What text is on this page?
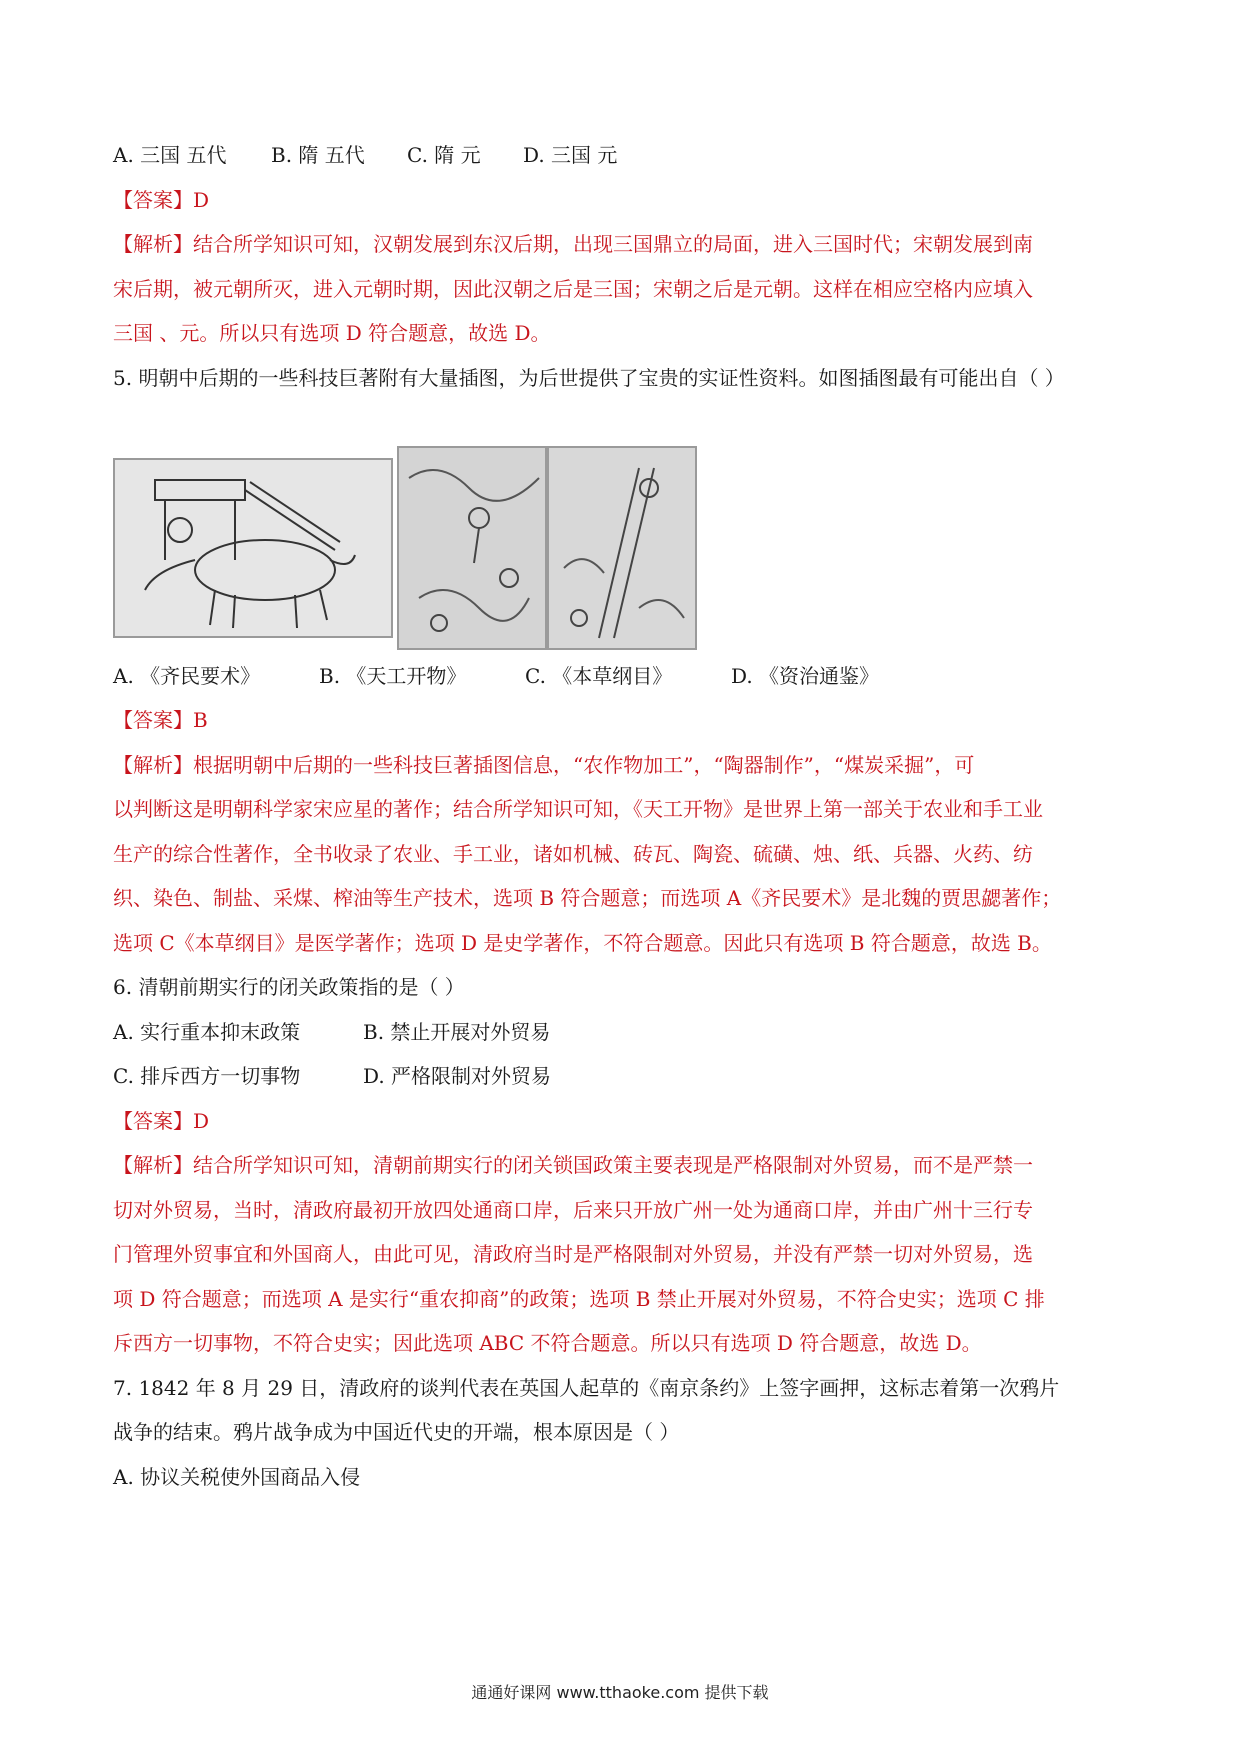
A. 三国 五代 B. 隋 五代 C. 隋 元 D. 三国 元
【答案】D
【解析】结合所学知识可知，汉朝发展到东汉后期，出现三国鼎立的局面，进入三国时代；宋朝发展到南
宋后期，被元朝所灭，进入元朝时期，因此汉朝之后是三国；宋朝之后是元朝。这样在相应空格内应填入
三国 、元。所以只有选项 D 符合题意，故选 D。
5. 明朝中后期的一些科技巨著附有大量插图，为后世提供了宝贵的实证性资料。如图插图最有可能出自（ ）
A. 《齐民要术》	B. 《天工开物》	C. 《本草纲目》	D. 《资治通鉴》
【答案】B
【解析】根据明朝中后期的一些科技巨著插图信息，“农作物加工”，“陶器制作”，“煤炭采掘”，可
以判断这是明朝科学家宋应星的著作；结合所学知识可知，《天工开物》是世界上第一部关于农业和手工业
生产的综合性著作，全书收录了农业、手工业，诸如机械、砖瓦、陶瓷、硫磺、烛、纸、兵器、火药、纺
织、染色、制盐、采煤、榨油等生产技术，选项 B 符合题意；而选项 A《齐民要术》是北魏的贾思勰著作；
选项 C《本草纲目》是医学著作；选项 D 是史学著作，不符合题意。因此只有选项 B 符合题意，故选 B。
6. 清朝前期实行的闭关政策指的是（ ）
A. 实行重本抑末政策	B. 禁止开展对外贸易
C. 排斥西方一切事物	D. 严格限制对外贸易
【答案】D
【解析】结合所学知识可知，清朝前期实行的闭关锁国政策主要表现是严格限制对外贸易，而不是严禁一
切对外贸易，当时，清政府最初开放四处通商口岸，后来只开放广州一处为通商口岸，并由广州十三行专
门管理外贸事宜和外国商人，由此可见，清政府当时是严格限制对外贸易，并没有严禁一切对外贸易，选
项 D 符合题意；而选项 A 是实行“重农抑商”的政策；选项 B 禁止开展对外贸易，不符合史实；选项 C 排
斥西方一切事物，不符合史实；因此选项 ABC 不符合题意。所以只有选项 D 符合题意，故选 D。
7. 1842 年 8 月 29 日，清政府的谈判代表在英国人起草的《南京条约》上签字画押，这标志着第一次鸦片
战争的结束。鸦片战争成为中国近代史的开端，根本原因是（ ）
A. 协议关税使外国商品入侵
通通好课网 www.tthaoke.com 提供下载
